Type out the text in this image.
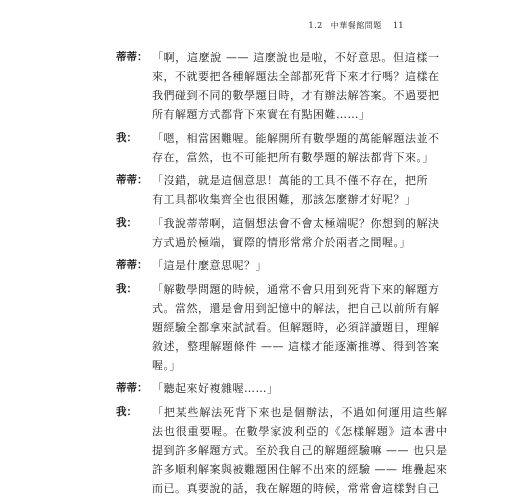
1.2 中華餐館問題 11
蒂蒂： 「啊，這麼說 —— 這麼說也是啦，不好意思。但這樣一
來，不就要把各種解題法全部都死背下來才行嗎？這樣在
我們碰到不同的數學題目時，才有辦法解答案。不過要把
所有解題方式都背下來實在有點困難……」
我：	「嗯，相當困難喔。能解開所有數學題的萬能解題法並不
存在，當然，也不可能把所有數學題的解法都背下來。」
蒂蒂： 「沒錯，就是這個意思！萬能的工具不僅不存在，把所
有工具都收集齊全也很困難，那該怎麼辦才好呢？」
我：	「我說蒂蒂啊，這個想法會不會太極端呢？你想到的解決
方式過於極端，實際的情形常常介於兩者之間喔。」
蒂蒂： 「這是什麼意思呢？」
我：	「解數學問題的時候，通常不會只用到死背下來的解題方
式。當然，還是會用到記憶中的解法，把自己以前所有解
題經驗全都拿來試試看。但解題時，必須詳讀題目，理解
敘述，整理解題條件 —— 這樣才能逐漸推導、得到答案
喔。」
蒂蒂： 「聽起來好複雜喔……」
我：	「把某些解法死背下來也是個辦法，不過如何運用這些解
法也很重要喔。在數學家波利亞的《怎樣解題》這本書中
提到許多解題方式。至於我自己的解題經驗嘛 —— 也只是
許多順利解案與被難題困住解不出來的經驗 —— 堆疊起來
而已。真要說的話，我在解題的時候，常常會這樣對自己
